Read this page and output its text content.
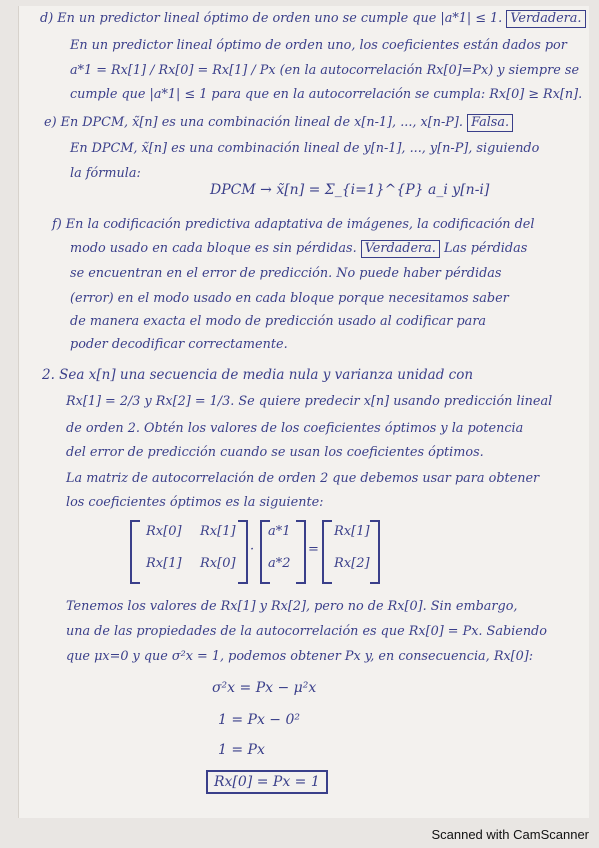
d) En un predictor lineal óptimo de orden uno se cumple que |a*1| ≤ 1. Verdadera.
En un predictor lineal óptimo de orden uno, los coeficientes están dados por
a*1 = Rx[1] / Rx[0] = Rx[1] / Px (en la autocorrelación Rx[0]=Px) y siempre se
cumple que |a*1| ≤ 1 para que en la autocorrelación se cumpla: Rx[0] ≥ Rx[n].
e) En DPCM, x̃[n] es una combinación lineal de x[n-1], ..., x[n-P]. Falsa.
En DPCM, x̃[n] es una combinación lineal de y[n-1], ..., y[n-P], siguiendo
la fórmula:
DPCM → x̃[n] = Σ_{i=1}^{P} a_i y[n-i]
f) En la codificación predictiva adaptativa de imágenes, la codificación del
modo usado en cada bloque es sin pérdidas. Verdadera. Las pérdidas
se encuentran en el error de predicción. No puede haber pérdidas
(error) en el modo usado en cada bloque porque necesitamos saber
de manera exacta el modo de predicción usado al codificar para
poder decodificar correctamente.
2. Sea x[n] una secuencia de media nula y varianza unidad con
Rx[1] = 2/3 y Rx[2] = 1/3. Se quiere predecir x[n] usando predicción lineal
de orden 2. Obtén los valores de los coeficientes óptimos y la potencia
del error de predicción cuando se usan los coeficientes óptimos.
La matriz de autocorrelación de orden 2 que debemos usar para obtener
los coeficientes óptimos es la siguiente:
Rx[0] Rx[1]
Rx[1] Rx[0]
·
a*1
a*2
=
Rx[1]
Rx[2]
Tenemos los valores de Rx[1] y Rx[2], pero no de Rx[0]. Sin embargo,
una de las propiedades de la autocorrelación es que Rx[0] = Px. Sabiendo
que μx=0 y que σ²x = 1, podemos obtener Px y, en consecuencia, Rx[0]:
σ²x = Px − μ²x
1 = Px − 0²
1 = Px
Rx[0] = Px = 1
Scanned with CamScanner
